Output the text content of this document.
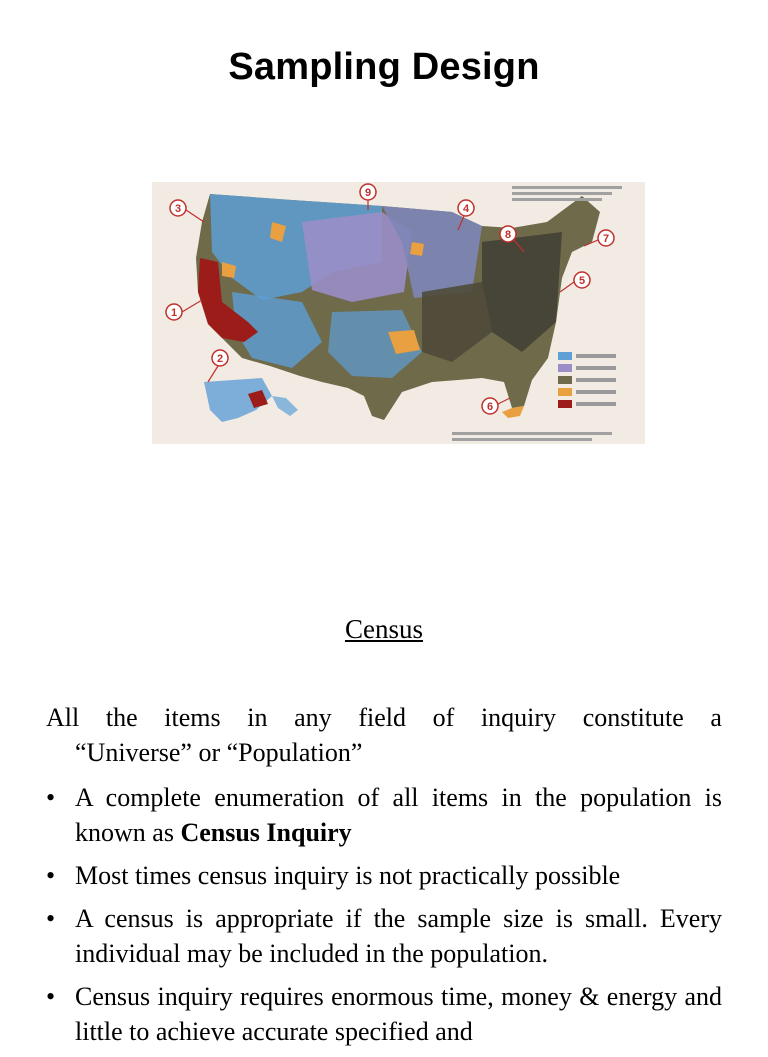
Sampling Design
1
2
3	4
5
6
7
8
9
Census
All the items in any field of inquiry constitute a
“Universe” or “Population”
• A complete enumeration of all items in the population is known as Census Inquiry
• Most times census inquiry is not practically possible
• A census is appropriate if the sample size is small. Every individual may be included in the population.
• Census inquiry requires enormous time, money & energy and little to achieve accurate specified and
